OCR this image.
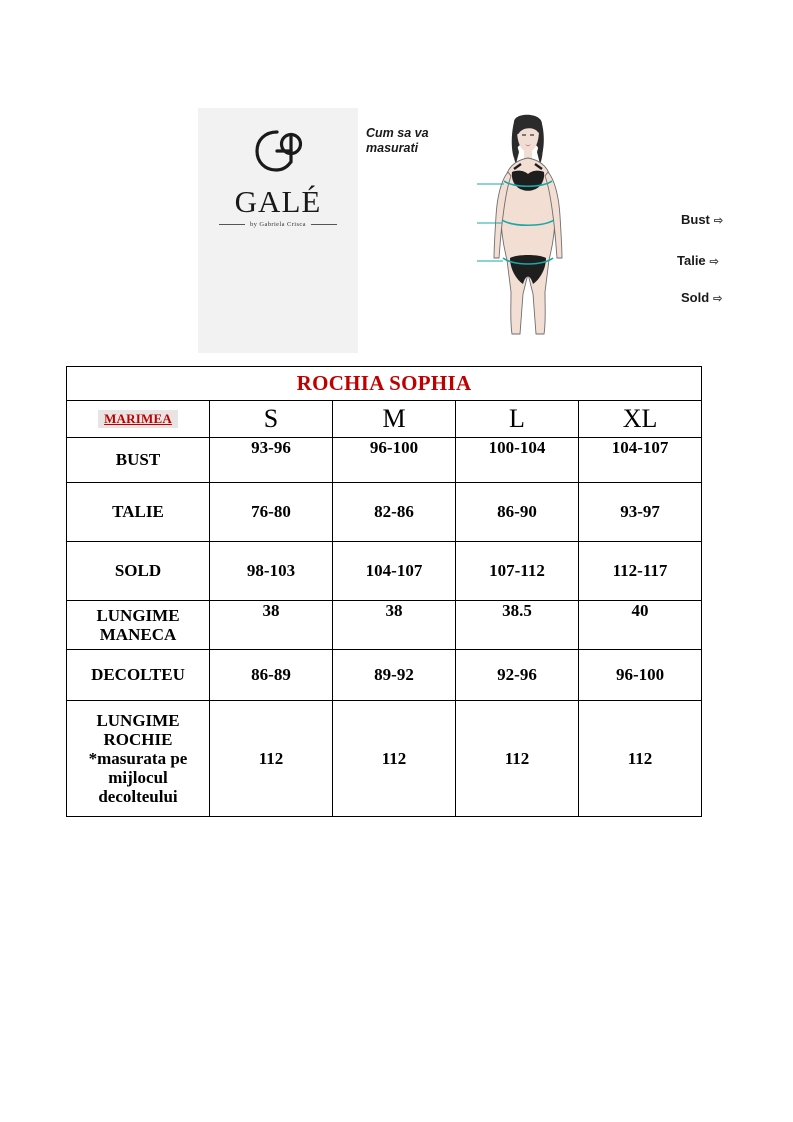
GALÉ
by Gabriela Crisca
Cum sa va masurati
Bust ⇨
Talie ⇨
Sold ⇨
ROCHIA SOPHIA				
MARIMEA	S	M	L	XL
BUST	93-96	96-100	100-104	104-107
TALIE	76-80	82-86	86-90	93-97
SOLD	98-103	104-107	107-112	112-117
LUNGIME MANECA	38	38	38.5	40
DECOLTEU	86-89	89-92	92-96	96-100
LUNGIME ROCHIE *masurata pe mijlocul decolteului	112	112	112	112
